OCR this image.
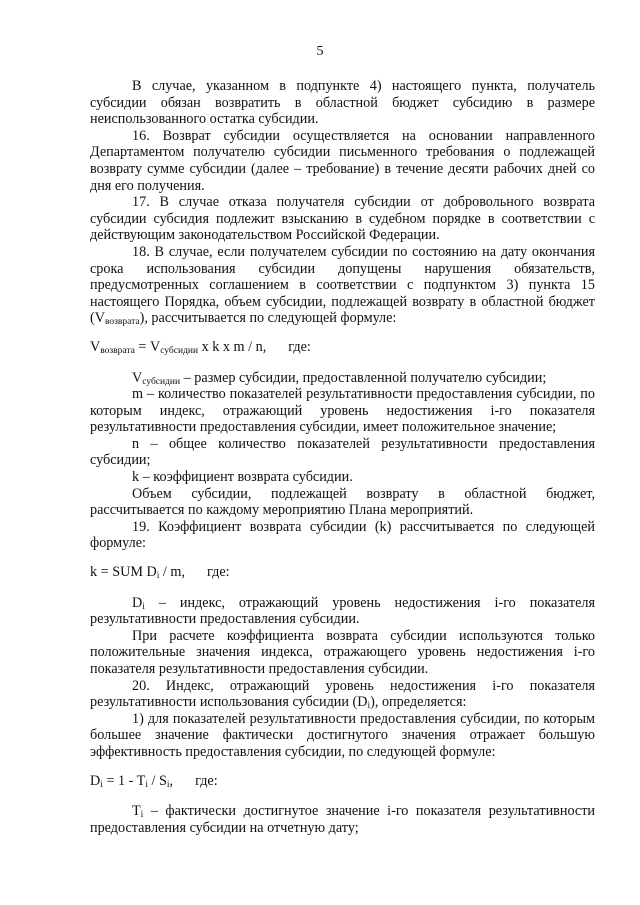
5

В случае, указанном в подпункте 4) настоящего пункта, получатель субсидии обязан возвратить в областной бюджет субсидию в размере неиспользованного остатка субсидии.

16. Возврат субсидии осуществляется на основании направленного Департаментом получателю субсидии письменного требования о подлежащей возврату сумме субсидии (далее – требование) в течение десяти рабочих дней со дня его получения.

17. В случае отказа получателя субсидии от добровольного возврата субсидии субсидия подлежит взысканию в судебном порядке в соответствии с действующим законодательством Российской Федерации.

18. В случае, если получателем субсидии по состоянию на дату окончания срока использования субсидии допущены нарушения обязательств, предусмотренных соглашением в соответствии с подпунктом 3) пункта 15 настоящего Порядка, объем субсидии, подлежащей возврату в областной бюджет $(V_{возврата})$, рассчитывается по следующей формуле:

$V_{возврата} = V_{субсидии}$ x k x m / n, где:

$V_{субсидии}$ – размер субсидии, предоставленной получателю субсидии;

m – количество показателей результативности предоставления субсидии, по которым индекс, отражающий уровень недостижения i-го показателя результативности предоставления субсидии, имеет положительное значение;

n – общее количество показателей результативности предоставления субсидии;

k – коэффициент возврата субсидии.

Объем субсидии, подлежащей возврату в областной бюджет, рассчитывается по каждому мероприятию Плана мероприятий.

19. Коэффициент возврата субсидии (k) рассчитывается по следующей формуле:

k = SUM $D_i$ / m, где:

$D_i$ – индекс, отражающий уровень недостижения i-го показателя результативности предоставления субсидии.

При расчете коэффициента возврата субсидии используются только положительные значения индекса, отражающего уровень недостижения i-го показателя результативности предоставления субсидии.

20. Индекс, отражающий уровень недостижения i-го показателя результативности использования субсидии $(D_i)$, определяется:

1) для показателей результативности предоставления субсидии, по которым большее значение фактически достигнутого значения отражает большую эффективность предоставления субсидии, по следующей формуле:

$D_i = 1 - T_i / S_i$, где:

$T_i$ – фактически достигнутое значение i-го показателя результативности предоставления субсидии на отчетную дату;
